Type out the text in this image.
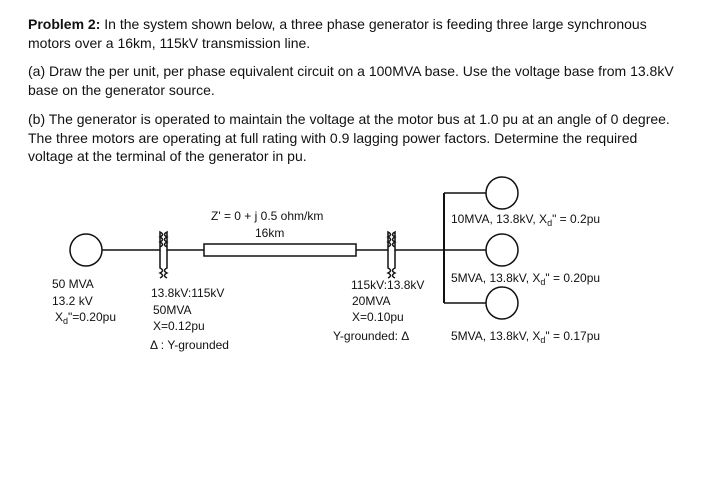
Problem 2: In the system shown below, a three phase generator is feeding three large synchronous motors over a 16km, 115kV transmission line.

(a) Draw the per unit, per phase equivalent circuit on a 100MVA base. Use the voltage base from 13.8kV base on the generator source.

(b) The generator is operated to maintain the voltage at the motor bus at 1.0 pu at an angle of 0 degree. The three motors are operating at full rating with 0.9 lagging power factors. Determine the required voltage at the terminal of the generator in pu.

Z' = 0 + j 0.5 ohm/km
16km
50 MVA
13.2 kV
$X_d"=0.20pu$
13.8kV:115kV
50MVA
X=0.12pu
Δ : Y-grounded
115kV:13.8kV
20MVA
X=0.10pu
Y-grounded: Δ
10MVA, 13.8kV, $X_d$" = 0.2pu
5MVA, 13.8kV, $X_d$" = 0.20pu
5MVA, 13.8kV, $X_d$" = 0.17pu
